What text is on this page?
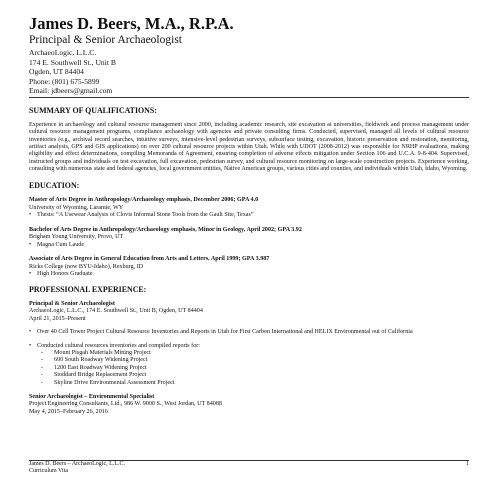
James D. Beers, M.A., R.P.A.
Principal & Senior Archaeologist
ArchaeoLogic, L.L.C.
174 E. Southwell St., Unit B
Ogden, UT 84404
Phone: (801) 675-5899
Email: jdbeers@gmail.com
SUMMARY OF QUALIFICATIONS:

Experience in archaeology and cultural resource management since 2000, including academic research, site excavation at universities, fieldwork and process management under cultural resource management programs, compliance archaeology with agencies and private consulting firms. Conducted, supervised, managed all levels of cultural resource inventories (e.g., archival record searches, intuitive surveys, intensive-level pedestrian surveys, subsurface testing, excavation, historic preservation and restoration, monitoring, artifact analysis, GPS and GIS applications) on over 200 cultural resource projects within Utah. While with UDOT (2008-2012) was responsible for NRHP evaluations, making eligibility and effect determinations, compiling Memoranda of Agreement, ensuring completion of adverse effects mitigation under Section 106 and U.C.A. 9-8-404. Supervised, instructed groups and individuals on test excavation, full excavation, pedestrian survey, and cultural resource monitoring on large-scale construction projects. Experience working, consulting with numerous state and federal agencies, local government entities, Native American groups, various cities and counties, and individuals within Utah, Idaho, Wyoming.

EDUCATION:

Master of Arts Degree in Anthropology/Archaeology emphasis, December 2006; GPA 4.0

University of Wyoming, Laramie, WY

• Thesis: “A Usewear Analysis of Clovis Informal Stone Tools from the Gault Site, Texas”

Bachelor of Arts Degree in Anthropology/Archaeology emphasis, Minor in Geology, April 2002; GPA 3.92

Brigham Young University, Provo, UT

• Magna Cum Laude

Associate of Arts Degree in General Education from Arts and Letters, April 1999; GPA 3.987

Ricks College (now BYU-Idaho), Rexburg, ID

• High Honors Graduate

PROFESSIONAL EXPERIENCE:

Principal & Senior Archaeologist

ArchaeoLogic, L.L.C., 174 E. Southwell St., Unit B, Ogden, UT 84404

April 21, 2015–Present

• Over 40 Cell Tower Project Cultural Resource Inventories and Reports in Utah for First Carbon International and HELIX Environmental out of California

• Conducted cultural resources inventories and compiled reports for:

-	Mount Pisgah Materials Mining Project

-	600 South Roadway Widening Project

-	1200 East Roadway Widening Project

-	Stoddard Bridge Replacement Project

-	Skyline Drive Environmental Assessment Project

Senior Archaeologist – Environmental Specialist

Project Engineering Consultants, Ltd., 986 W. 9000 S., West Jordan, UT 84088

May 4, 2015–February 26, 2016

James D. Beers – ArchaeoLogic, L.L.C.	1
Curriculum Vita
